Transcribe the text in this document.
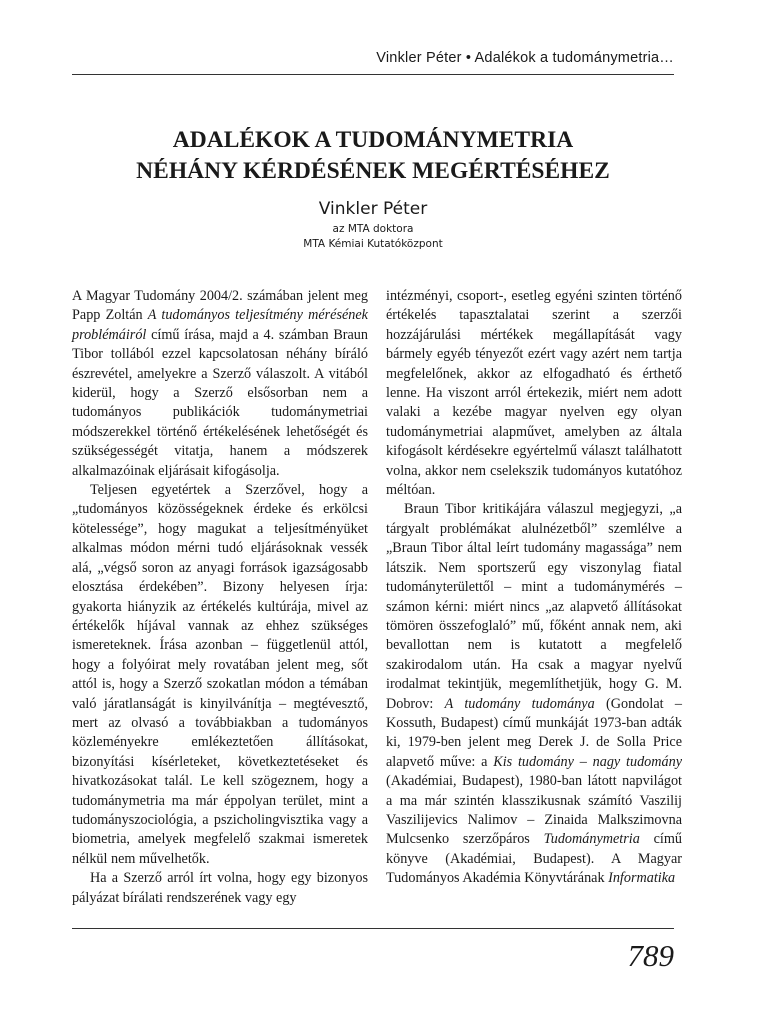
Vinkler Péter • Adalékok a tudománymetria…
ADALÉKOK A TUDOMÁNYMETRIA
NÉHÁNY KÉRDÉSÉNEK MEGÉRTÉSÉHEZ
Vinkler Péter
az MTA doktora
MTA Kémiai Kutatóközpont

A Magyar Tudomány 2004/2. számában jelent meg Papp Zoltán A tudományos teljesítmény mérésének problémáiról című írása, majd a 4. számban Braun Tibor tollából ezzel kapcsolatosan néhány bíráló észrevétel, amelyekre a Szerző válaszolt. A vitából kiderül, hogy a Szerző elsősorban nem a tudományos publikációk tudománymetriai módszerekkel történő értékelésének lehetőségét és szükségességét vitatja, hanem a módszerek alkalmazóinak eljárásait kifogásolja.

Teljesen egyetértek a Szerzővel, hogy a „tudományos közösségeknek érdeke és erkölcsi kötelessége”, hogy magukat a teljesítményüket alkalmas módon mérni tudó eljárásoknak vessék alá, „végső soron az anyagi források igazságosabb elosztása érdekében”. Bizony helyesen írja: gyakorta hiányzik az értékelés kultúrája, mivel az értékelők híjával vannak az ehhez szükséges ismereteknek. Írása azonban – függetlenül attól, hogy a folyóirat mely rovatában jelent meg, sőt attól is, hogy a Szerző szokatlan módon a témában való járatlanságát is kinyilvánítja – megtévesztő, mert az olvasó a továbbiakban a tudományos közleményekre emlékeztetően állításokat, bizonyítási kísérleteket, következtetéseket és hivatkozásokat talál. Le kell szögeznem, hogy a tudománymetria ma már éppolyan terület, mint a tudományszociológia, a pszicholingvisztika vagy a biometria, amelyek megfelelő szakmai ismeretek nélkül nem művelhetők.

Ha a Szerző arról írt volna, hogy egy bizonyos pályázat bírálati rendszerének vagy egy

intézményi, csoport-, esetleg egyéni szinten történő értékelés tapasztalatai szerint a szerzői hozzájárulási mértékek megállapítását vagy bármely egyéb tényezőt ezért vagy azért nem tartja megfelelőnek, akkor az elfogadható és érthető lenne. Ha viszont arról értekezik, miért nem adott valaki a kezébe magyar nyelven egy olyan tudománymetriai alapművet, amelyben az általa kifogásolt kérdésekre egyértelmű választ találhatott volna, akkor nem cselekszik tudományos kutatóhoz méltóan.

Braun Tibor kritikájára válaszul megjegyzi, „a tárgyalt problémákat alulnézetből” szemlélve a „Braun Tibor által leírt tudomány magassága” nem látszik. Nem sportszerű egy viszonylag fiatal tudományterülettől – mint a tudománymérés – számon kérni: miért nincs „az alapvető állításokat tömören összefoglaló” mű, főként annak nem, aki bevallottan nem is kutatott a megfelelő szakirodalom után. Ha csak a magyar nyelvű irodalmat tekintjük, megemlíthetjük, hogy G. M. Dobrov: A tudomány tudománya (Gondolat – Kossuth, Budapest) című munkáját 1973-ban adták ki, 1979-ben jelent meg Derek J. de Solla Price alapvető műve: a Kis tudomány – nagy tudomány (Akadémiai, Budapest), 1980-ban látott napvilágot a ma már szintén klasszikusnak számító Vaszilij Vaszilijevics Nalimov – Zinaida Malkszimovna Mulcsenko szerzőpáros Tudománymetria című könyve (Akadémiai, Budapest). A Magyar Tudományos Akadémia Könyvtárának Informatika

789
